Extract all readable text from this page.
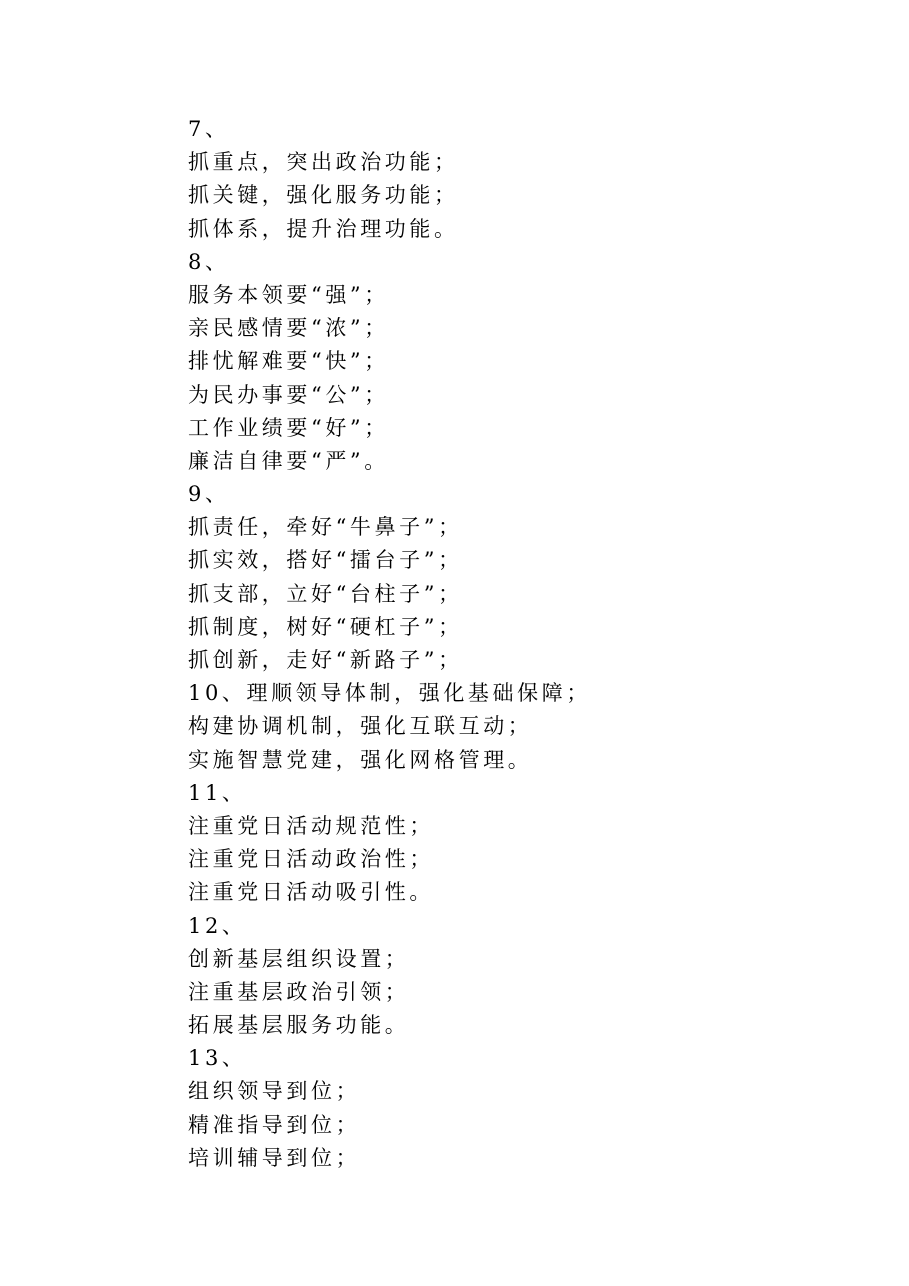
7、
抓重点，突出政治功能；
抓关键，强化服务功能；
抓体系，提升治理功能。
8、
服务本领要“强”；
亲民感情要“浓”；
排忧解难要“快”；
为民办事要“公”；
工作业绩要“好”；
廉洁自律要“严”。
9、
抓责任，牵好“牛鼻子”；
抓实效，搭好“擂台子”；
抓支部，立好“台柱子”；
抓制度，树好“硬杠子”；
抓创新，走好“新路子”；
10、理顺领导体制，强化基础保障；
构建协调机制，强化互联互动；
实施智慧党建，强化网格管理。
11、
注重党日活动规范性；
注重党日活动政治性；
注重党日活动吸引性。
12、
创新基层组织设置；
注重基层政治引领；
拓展基层服务功能。
13、
组织领导到位；
精准指导到位；
培训辅导到位；
